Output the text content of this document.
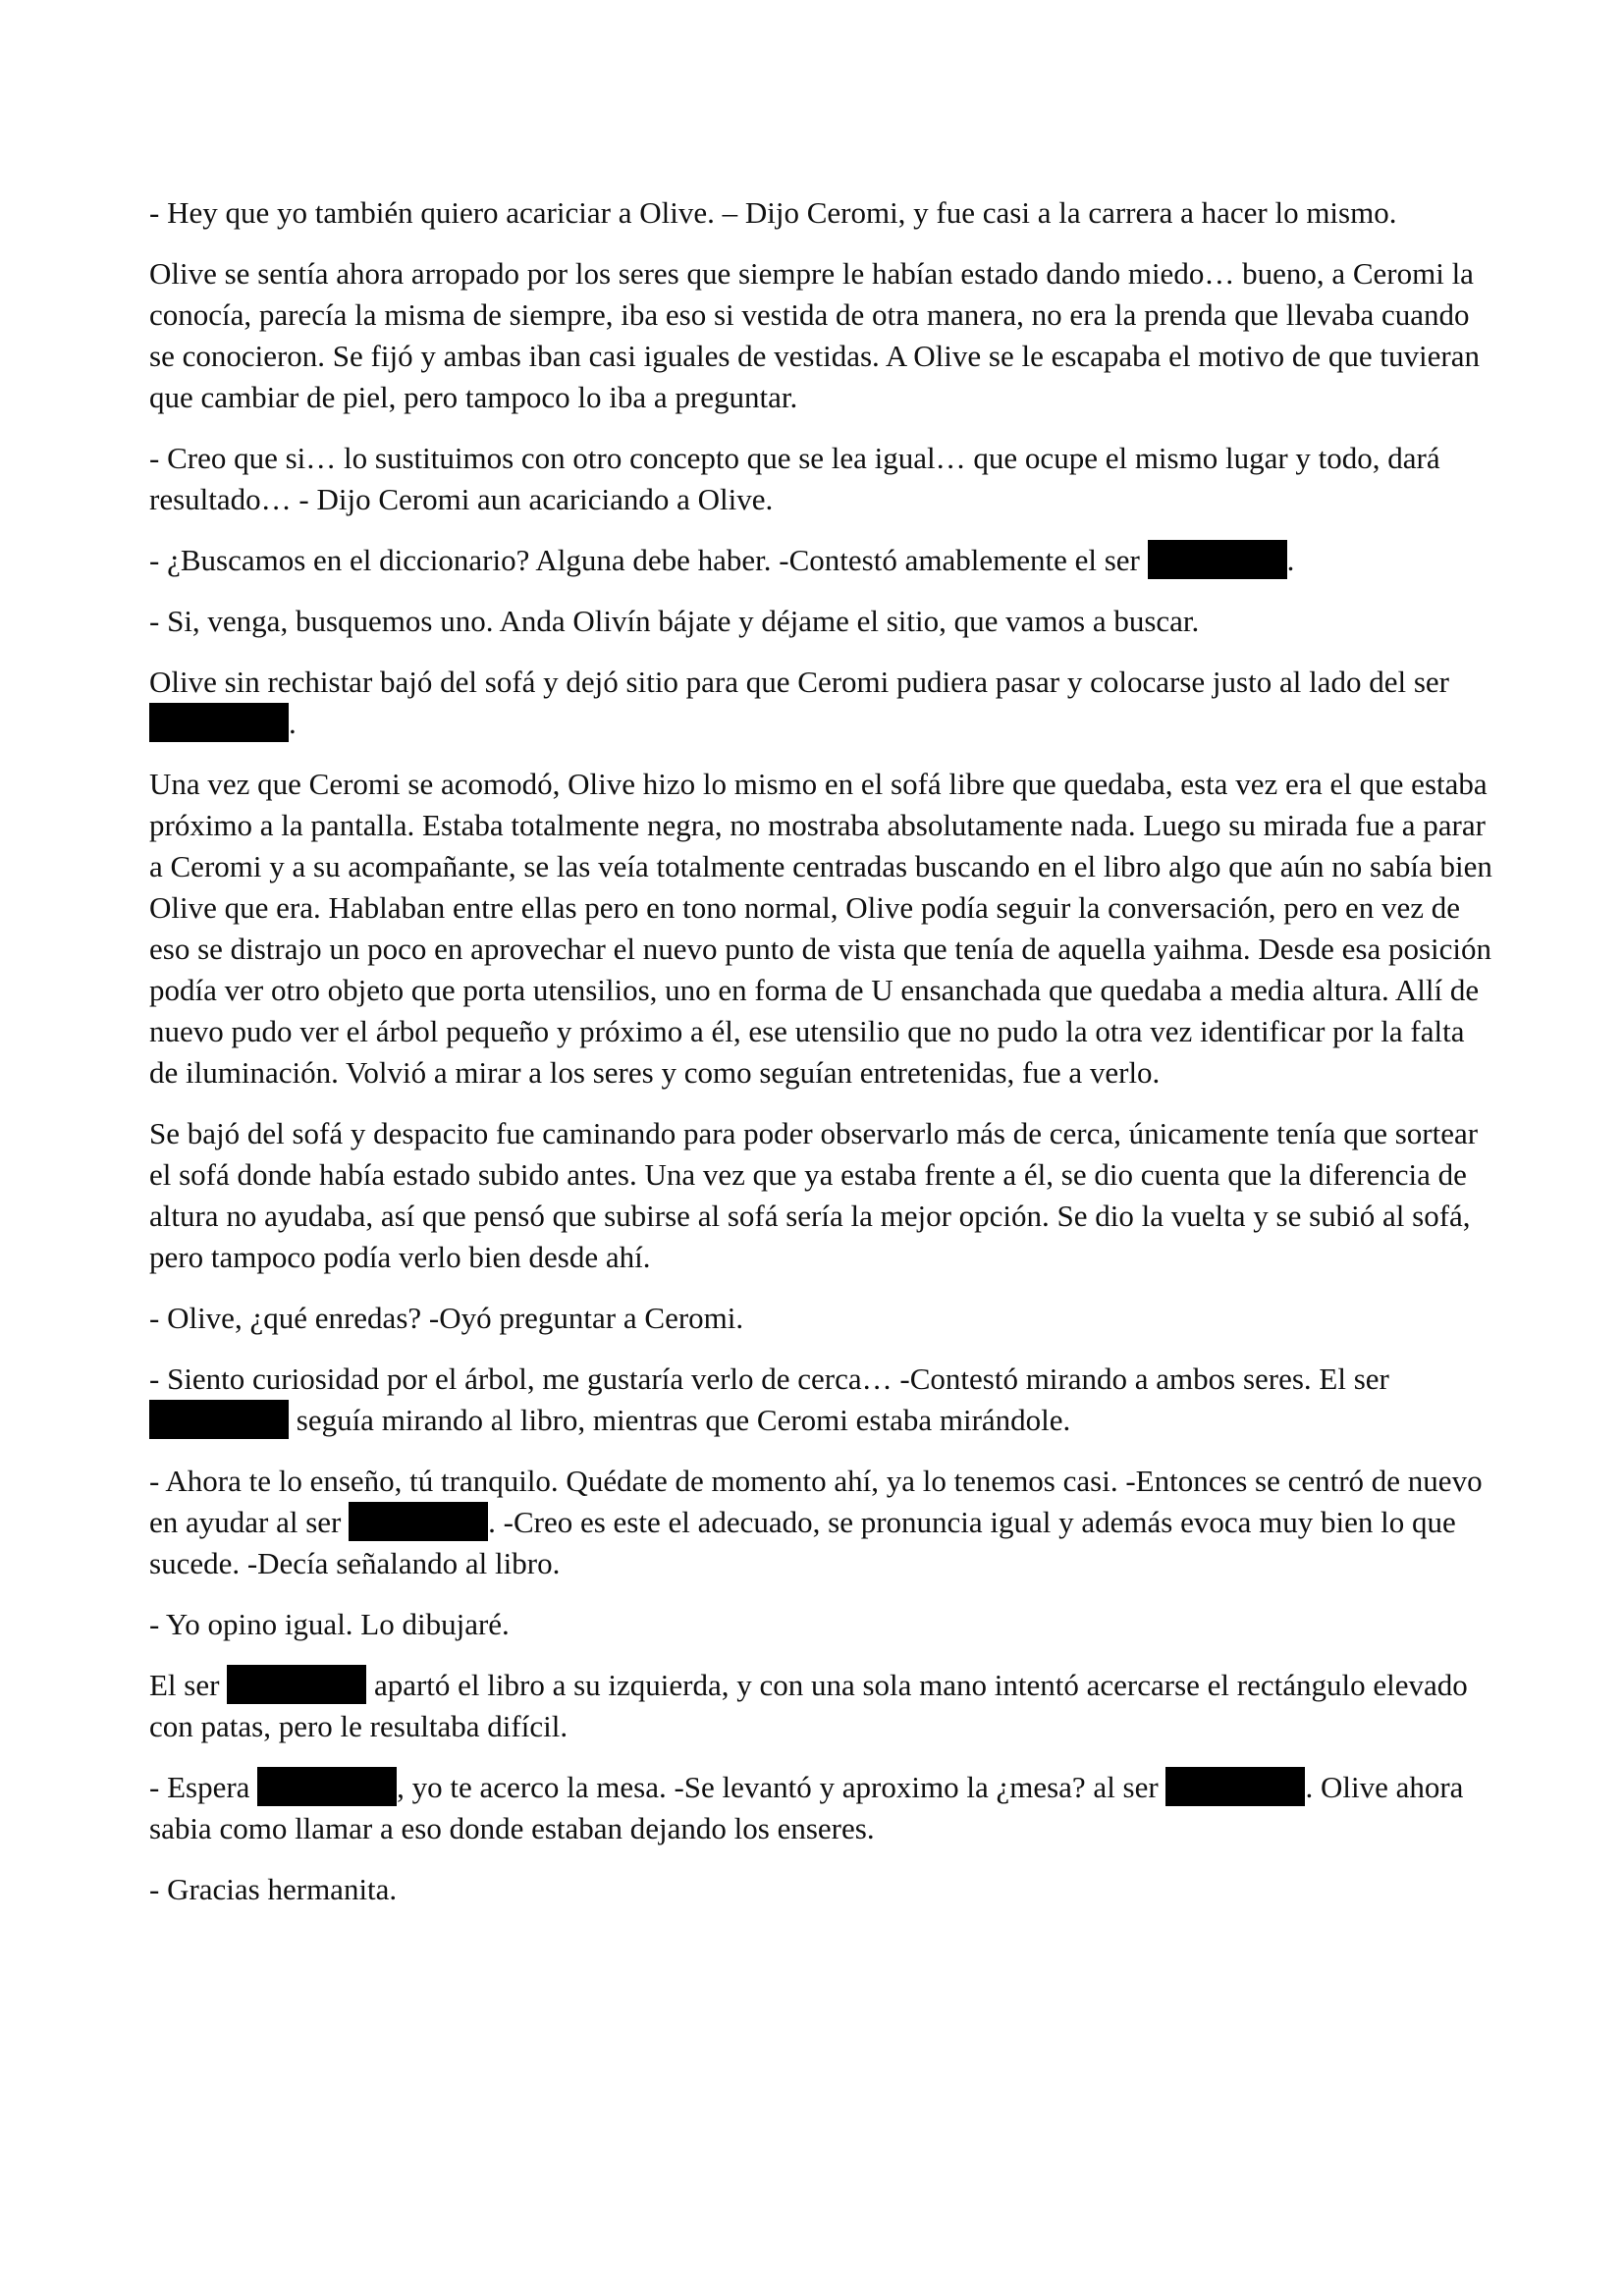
- Hey que yo también quiero acariciar a Olive. – Dijo Ceromi, y fue casi a la carrera a hacer lo mismo.

Olive se sentía ahora arropado por los seres que siempre le habían estado dando miedo… bueno, a Ceromi la conocía, parecía la misma de siempre, iba eso si vestida de otra manera, no era la prenda que llevaba cuando se conocieron. Se fijó y ambas iban casi iguales de vestidas. A Olive se le escapaba el motivo de que tuvieran que cambiar de piel, pero tampoco lo iba a preguntar.

- Creo que si… lo sustituimos con otro concepto que se lea igual… que ocupe el mismo lugar y todo, dará resultado… - Dijo Ceromi aun acariciando a Olive.

- ¿Buscamos en el diccionario? Alguna debe haber. -Contestó amablemente el ser	.

- Si, venga, busquemos uno. Anda Olivín bájate y déjame el sitio, que vamos a buscar.

Olive sin rechistar bajó del sofá y dejó sitio para que Ceromi pudiera pasar y colocarse justo al lado del ser .

Una vez que Ceromi se acomodó, Olive hizo lo mismo en el sofá libre que quedaba, esta vez era el que estaba próximo a la pantalla. Estaba totalmente negra, no mostraba absolutamente nada. Luego su mirada fue a parar a Ceromi y a su acompañante, se las veía totalmente centradas buscando en el libro algo que aún no sabía bien Olive que era. Hablaban entre ellas pero en tono normal, Olive podía seguir la conversación, pero en vez de eso se distrajo un poco en aprovechar el nuevo punto de vista que tenía de aquella yaihma. Desde esa posición podía ver otro objeto que porta utensilios, uno en forma de U ensanchada que quedaba a media altura. Allí de nuevo pudo ver el árbol pequeño y próximo a él, ese utensilio que no pudo la otra vez identificar por la falta de iluminación. Volvió a mirar a los seres y como seguían entretenidas, fue a verlo.

Se bajó del sofá y despacito fue caminando para poder observarlo más de cerca, únicamente tenía que sortear el sofá donde había estado subido antes. Una vez que ya estaba frente a él, se dio cuenta que la diferencia de altura no ayudaba, así que pensó que subirse al sofá sería la mejor opción. Se dio la vuelta y se subió al sofá, pero tampoco podía verlo bien desde ahí.

- Olive, ¿qué enredas? -Oyó preguntar a Ceromi.

- Siento curiosidad por el árbol, me gustaría verlo de cerca… -Contestó mirando a ambos seres. El ser  seguía mirando al libro, mientras que Ceromi estaba mirándole.

- Ahora te lo enseño, tú tranquilo. Quédate de momento ahí, ya lo tenemos casi. -Entonces se centró de nuevo en ayudar al ser	. -Creo es este el adecuado, se pronuncia igual y además evoca muy bien lo que sucede. -Decía señalando al libro.

- Yo opino igual. Lo dibujaré.

El ser	apartó el libro a su izquierda, y con una sola mano intentó acercarse el rectángulo elevado con patas, pero le resultaba difícil.

- Espera	, yo te acerco la mesa. -Se levantó y aproximo la ¿mesa? al ser	. Olive ahora sabia como llamar a eso donde estaban dejando los enseres.

- Gracias hermanita.
